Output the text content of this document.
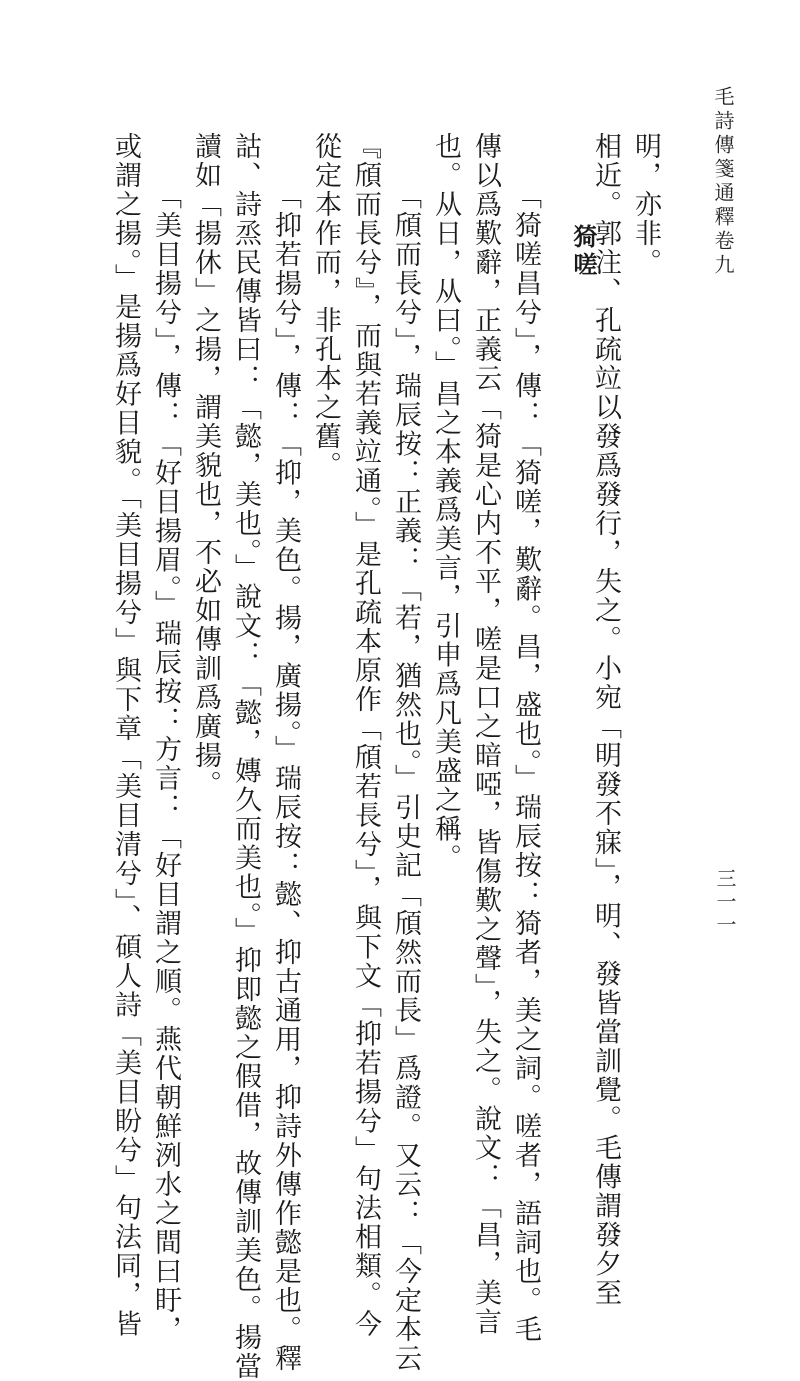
毛詩傳箋通釋卷九
三一一
猗嗟 明，亦非。
相近。郭注、孔疏竝以發爲發行，失之。小宛「明發不寐」，明、發皆當訓覺。毛傳謂發夕至
「猗嗟昌兮」，傳：「猗嗟，歎辭。昌，盛也。」瑞辰按：猗者，美之詞。嗟者，語詞也。毛
傳以爲歎辭，正義云「猗是心内不平，嗟是口之暗啞，皆傷歎之聲」，失之。說文：「昌，美言
也。从日，从曰。」昌之本義爲美言，引申爲凡美盛之稱。
「頎而長兮」，瑞辰按：正義：「若，猶然也。」引史記「頎然而長」爲證。又云：「今定本云
『頎而長兮』，而與若義竝通。」是孔疏本原作「頎若長兮」，與下文「抑若揚兮」句法相類。今
從定本作而，非孔本之舊。
「抑若揚兮」，傳：「抑，美色。揚，廣揚。」瑞辰按：懿、抑古通用，抑詩外傳作懿是也。釋
詁、詩烝民傳皆曰：「懿，美也。」說文：「懿，嫥久而美也。」抑即懿之假借，故傳訓美色。揚當
讀如「揚休」之揚，謂美貌也，不必如傳訓爲廣揚。
「美目揚兮」，傳：「好目揚眉。」瑞辰按：方言：「好目謂之順。燕代朝鮮洌水之間曰盱，
或謂之揚。」是揚爲好目貌。「美目揚兮」與下章「美目清兮」、碩人詩「美目盼兮」句法同，皆
